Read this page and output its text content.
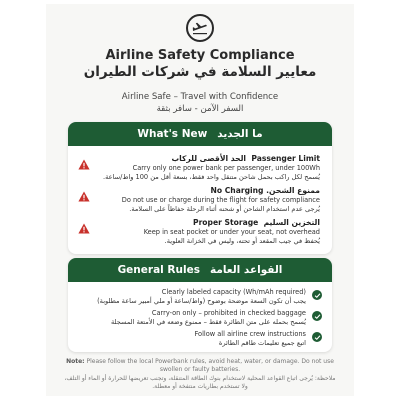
Airline Safety Compliance
معايير السلامة في شركات الطيران
Airline Safe – Travel with Confidence
السفر الآمن - سافر بثقة
What's New ما الجديد
الحد الأقصى للركاب Passenger Limit
Carry only one power bank per passenger, under 100Wh
يُسمح لكل راكب بحمل شاحن متنقل واحد فقط، بسعة أقل من 100 واط/ساعة.
No Charging .ممنوع الشحن
Do not use or charge during the flight for safety compliance
يُرجى عدم استخدام الشاحن أو شحنه أثناء الرحلة حفاظاً على السلامة.
Proper Storage التخزين السليم
Keep in seat pocket or under your seat, not overhead
يُحفظ في جيب المقعد أو تحته، وليس في الخزانة العلوية.
General Rules القواعد العامة
Clearly labeled capacity (Wh/mAh required)
يجب أن تكون السعة موضحة بوضوح (واط/ساعة أو ملي أمبير ساعة مطلوبة)
Carry-on only – prohibited in checked baggage
يُسمح بحمله على متن الطائرة فقط – ممنوع وضعه في الأمتعة المسجلة
Follow all airline crew instructions
اتبع جميع تعليمات طاقم الطائرة
Note: Please follow the local Powerbank rules, avoid heat, water, or damage. Do not use swollen or faulty batteries.
ملاحظة: يُرجى اتباع القواعد المحلية لاستخدام بنوك الطاقة المتنقلة، وتجنب تعريضها للحرارة أو الماء أو التلف، ولا تستخدم بطاريات منتفخة أو معطلة.
